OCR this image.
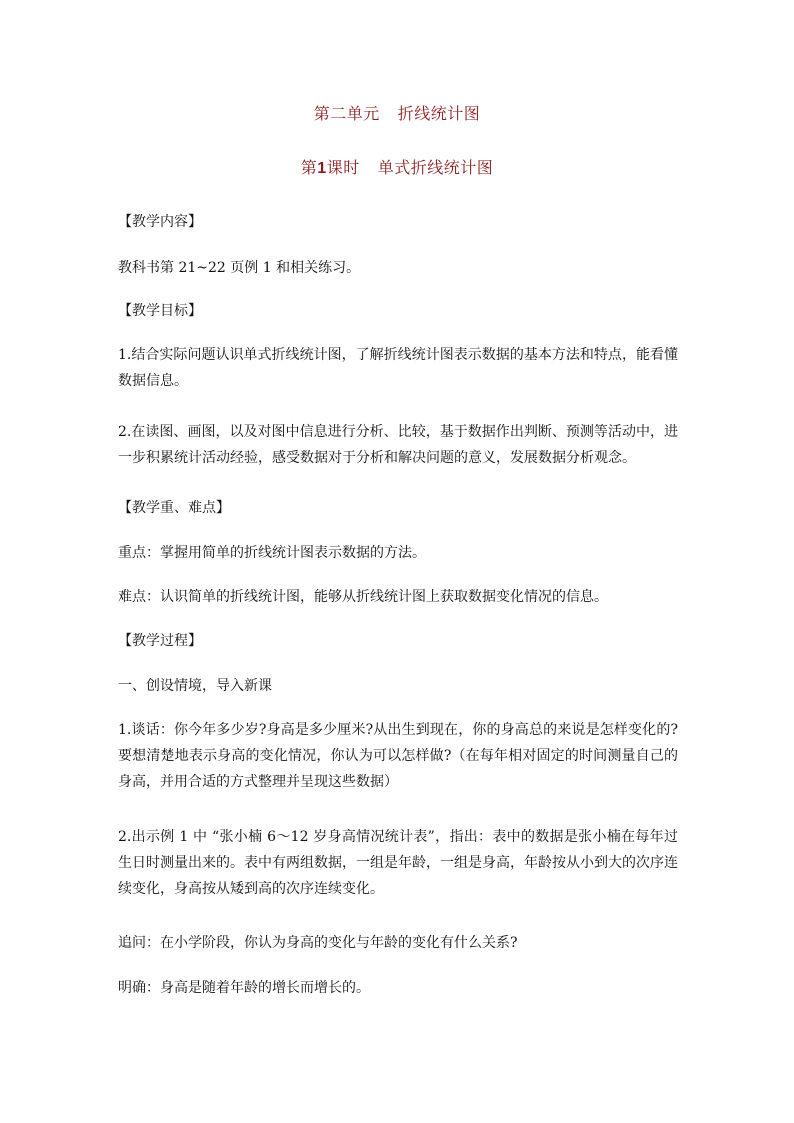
第二单元 折线统计图
第1课时 单式折线统计图

【教学内容】

教科书第 21~22 页例 1 和相关练习。

【教学目标】

1.结合实际问题认识单式折线统计图，了解折线统计图表示数据的基本方法和特点，能看懂数据信息。

2.在读图、画图，以及对图中信息进行分析、比较，基于数据作出判断、预测等活动中，进一步积累统计活动经验，感受数据对于分析和解决问题的意义，发展数据分析观念。

【教学重、难点】

重点：掌握用简单的折线统计图表示数据的方法。

难点：认识简单的折线统计图，能够从折线统计图上获取数据变化情况的信息。

【教学过程】

一、创设情境，导入新课

1.谈话：你今年多少岁?身高是多少厘米?从出生到现在，你的身高总的来说是怎样变化的?要想清楚地表示身高的变化情况，你认为可以怎样做?（在每年相对固定的时间测量自己的身高，并用合适的方式整理并呈现这些数据）

2.出示例 1 中 “张小楠 6～12 岁身高情况统计表”，指出：表中的数据是张小楠在每年过生日时测量出来的。表中有两组数据，一组是年龄，一组是身高，年龄按从小到大的次序连续变化，身高按从矮到高的次序连续变化。

追问：在小学阶段，你认为身高的变化与年龄的变化有什么关系?

明确：身高是随着年龄的增长而增长的。
